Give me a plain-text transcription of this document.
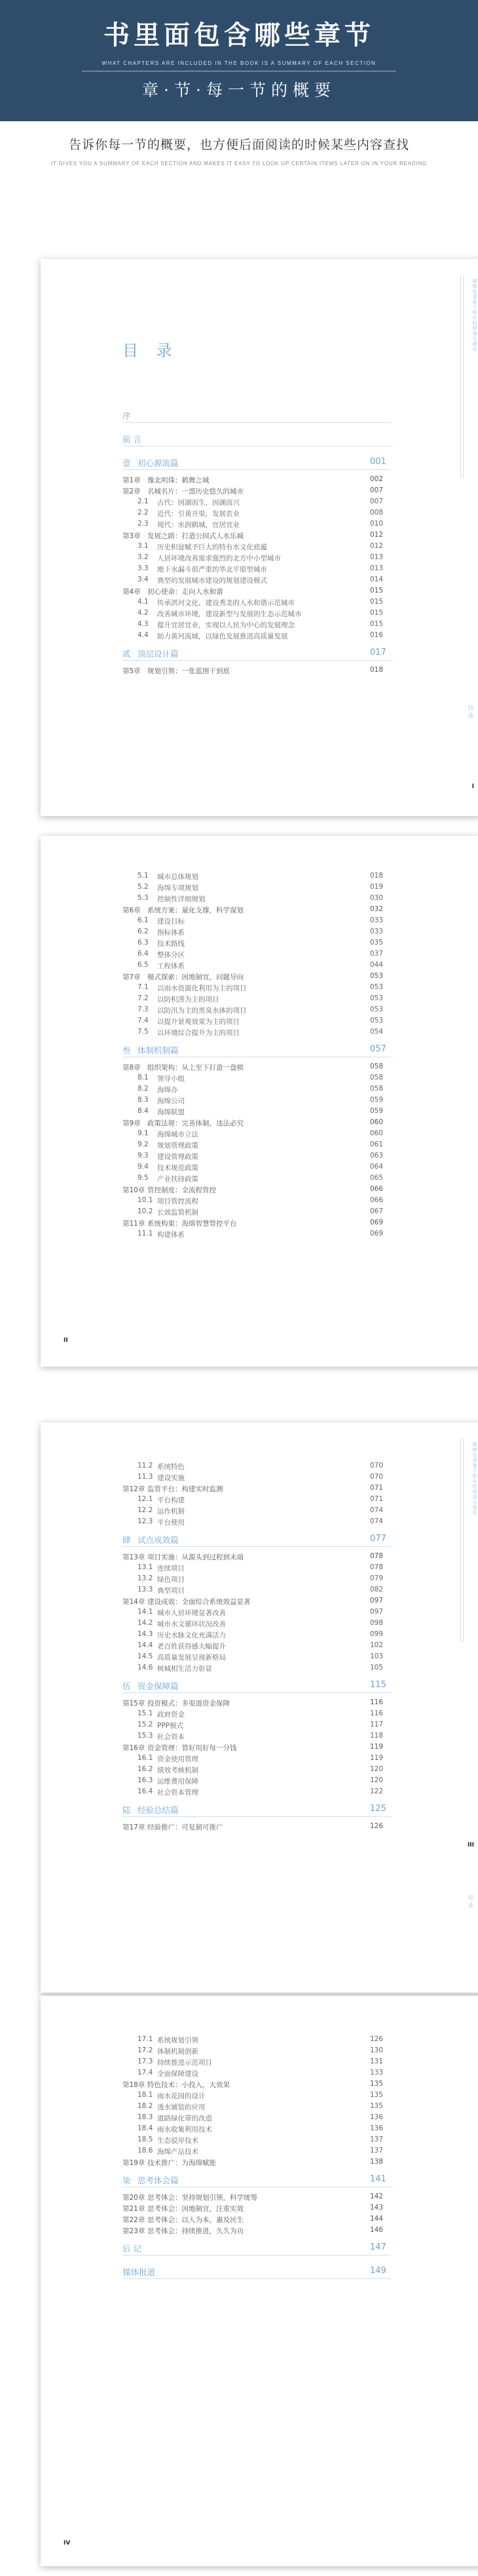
书里面包含哪些章节
WHAT CHAPTERS ARE INCLUDED IN THE BOOK IS A SUMMARY OF EACH SECTION
章·节·每一节的概要
告诉你每一节的概要，也方便后面阅读的时候某些内容查找
IT GIVES YOU A SUMMARY OF EACH SECTION AND MAKES IT EASY TO LOOK UP CERTAIN ITEMS LATER ON IN YOUR READING
目 录	城镇化背景下的乡村规划与建设
目 录
I
序
前 言
壹 初心源流篇	001
第1章 豫北明珠：鹤舞之城	002
第2章 名城名片：一部历史悠久的城市	007
2.1 古代：因湖而生，因湖而兴	007
2.2 近代：引黄开渠，发展农业	008
2.3 现代：水润鹤城，宜居宜业	010
第3章 发展之路：打造公园式人水乐城	012
3.1 历史积淀赋予巨大的特有水文化底蕴	012
3.2 人居环境改善需求强烈的北方中小型城市	013
3.3 地下水漏斗很严重的华北平原型城市	013
3.4 典型的发展城市建设的规划建设模式	014
第4章 初心使命：走向人水和谐	015
4.1 传承淇河文化，建设秀美的人水和谐示范城市	015
4.2 改善城市环境，建设新型与发展的生态示范城市	015
4.3 提升宜居宜业，实现以人民为中心的发展理念	015
4.4 助力黄河流域，以绿色发展推进高质量发展	016
贰 顶层设计篇	017
第5章 规划引领：一张蓝图干到底	018
II
5.1 城市总体规划	018
5.2 海绵专项规划	019
5.3 控制性详细规划	030
第6章 系统方案：量化支撑，科学谋划	032
6.1 建设目标	033
6.2 指标体系	033
6.3 技术路线	035
6.4 整体分区	037
6.5 工程体系	044
第7章 模式探索：因地制宜，问题导向	053
7.1 以雨水资源化利用为主的项目	053
7.2 以防积涝为主的项目	053
7.3 以防汛为主的黑臭水体的项目	053
7.4 以提升景观效果为主的项目	053
7.5 以环境综合提升为主的项目	054
叁 体制机制篇	057
第8章 组织架构：从上至下打造一盘棋	058
8.1 领导小组	058
8.2 海绵办	058
8.3 海绵公司	059
8.4 海绵联盟	059
第9章 政策法规：完善体制，违法必究	060
9.1 海绵城市立法	060
9.2 规划管理政策	061
9.3 建设管理政策	063
9.4 技术规范政策	064
9.5 产业扶持政策	065
第10章 管控制度：全流程管控	066
10.1 项目管控流程	066
10.2 长效监管机制	067
第11章 系统构架：海绵智慧管控平台	069
11.1 构建体系	069
城镇化背景下的乡村规划与建设
目 录
III
11.2 系统特色	070
11.3 建设实施	070
第12章 监管平台：构建实时监测	071
12.1 平台构建	071
12.2 运作机制	074
12.3 平台使用	074
肆 试点成效篇	077
第13章 项目实施：从源头到过程到末端	078
13.1 连续项目	078
13.2 绿色项目	079
13.3 典型项目	082
第14章 建设成效：全面综合系统效益显著	097
14.1 城市人居环境显著改善	097
14.2 城市水文循环状况改善	098
14.3 历史水脉文化充满活力	099
14.4 老百姓获得感大幅提升	102
14.5 高质量发展呈现新格局	103
14.6 树城相生活力彰显	105
伍 资金保障篇	115
第15章 投资模式：多渠道资金保障	116
15.1 政府资金	116
15.2 PPP模式	117
15.3 社会资本	118
第16章 资金管理：管好用好每一分钱	119
16.1 资金使用管理	119
16.2 绩效考核机制	120
16.3 运维费用保障	120
16.4 社会资本管理	122
陆 经验总结篇	125
第17章 经验推广：可复制可推广	126
IV
17.1 系统规划引领	126
17.2 体制机制创新	130
17.3 持续推进示范项目	131
17.4 全面保障建设	133
第18章 特色技术：小投入，大效果	135
18.1 雨水花园的设计	135
18.2 透水铺装的应用	135
18.3 道路绿化带的改造	136
18.4 雨水收集利用技术	136
18.5 生态驳岸技术	137
18.6 海绵产品技术	137
第19章 技术推广：为海绵赋能	138
柒 思考体会篇	141
第20章 思考体会：坚持规划引领，科学统筹	142
第21章 思考体会：因地制宜，注重实效	143
第22章 思考体会：以人为本，惠及民生	144
第23章 思考体会：持续推进，久久为功	146
后 记	147
媒体报道	149
